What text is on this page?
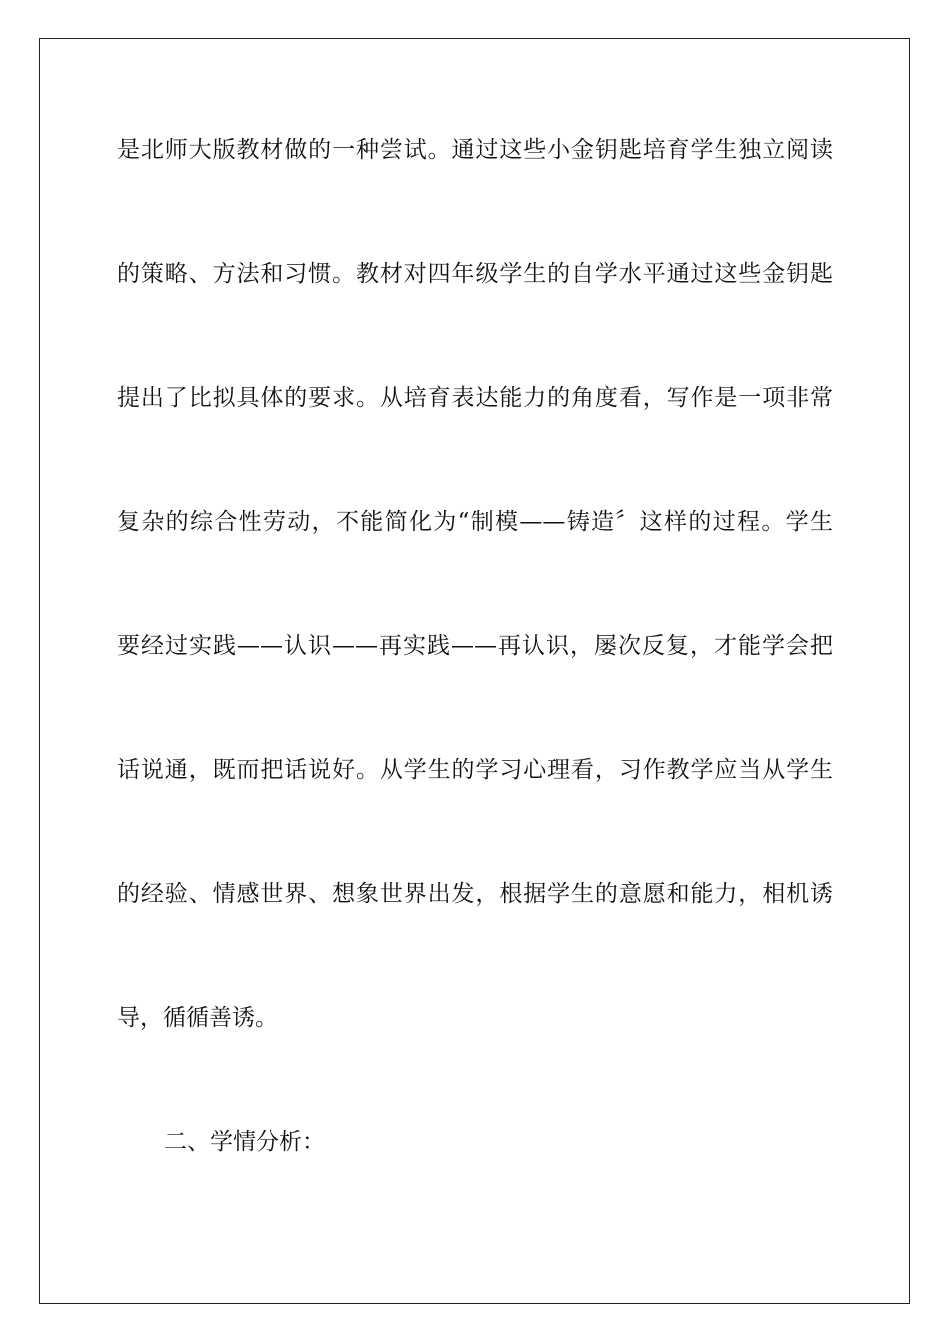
是北师大版教材做的一种尝试。通过这些小金钥匙培育学生独立阅读
的策略、方法和习惯。教材对四年级学生的自学水平通过这些金钥匙
提出了比拟具体的要求。从培育表达能力的角度看，写作是一项非常
复杂的综合性劳动，不能简化为“制模——铸造〞这样的过程。学生
要经过实践——认识——再实践——再认识，屡次反复，才能学会把
话说通，既而把话说好。从学生的学习心理看，习作教学应当从学生
的经验、情感世界、想象世界出发，根据学生的意愿和能力，相机诱
导，循循善诱。
二、学情分析：
